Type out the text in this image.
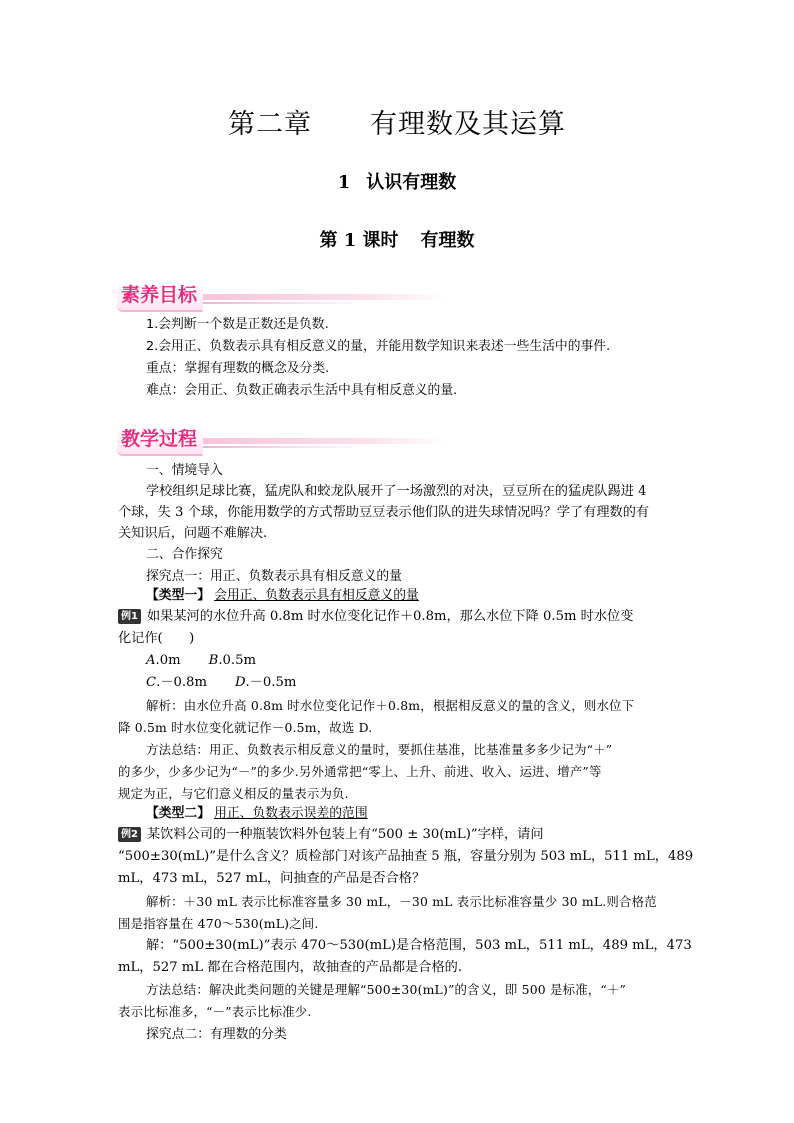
第二章 有理数及其运算
1 认识有理数
第 1 课时 有理数
素养目标
1.会判断一个数是正数还是负数.
2.会用正、负数表示具有相反意义的量，并能用数学知识来表述一些生活中的事件.
重点：掌握有理数的概念及分类.
难点：会用正、负数正确表示生活中具有相反意义的量.
教学过程
一、情境导入
学校组织足球比赛，猛虎队和蛟龙队展开了一场激烈的对决，豆豆所在的猛虎队踢进 4
个球，失 3 个球，你能用数学的方式帮助豆豆表示他们队的进失球情况吗？学了有理数的有
关知识后，问题不难解决.
二、合作探究
探究点一：用正、负数表示具有相反意义的量
【类型一】 会用正、负数表示具有相反意义的量
例1 如果某河的水位升高 0.8m 时水位变化记作＋0.8m，那么水位下降 0.5m 时水位变
化记作(　　)
A.0m B.0.5m
C.－0.8m D.－0.5m
解析：由水位升高 0.8m 时水位变化记作＋0.8m，根据相反意义的量的含义，则水位下
降 0.5m 时水位变化就记作－0.5m，故选 D.
方法总结：用正、负数表示相反意义的量时，要抓住基准，比基准量多多少记为“＋”
的多少，少多少记为“－”的多少.另外通常把“零上、上升、前进、收入、运进、增产”等
规定为正，与它们意义相反的量表示为负.
【类型二】 用正、负数表示误差的范围
例2 某饮料公司的一种瓶装饮料外包装上有“500 ± 30(mL)”字样，请问
“500±30(mL)”是什么含义？质检部门对该产品抽查 5 瓶，容量分别为 503 mL，511 mL，489
mL，473 mL，527 mL，问抽查的产品是否合格？
解析：＋30 mL 表示比标准容量多 30 mL，－30 mL 表示比标准容量少 30 mL.则合格范
围是指容量在 470～530(mL)之间.
解：“500±30(mL)”表示 470～530(mL)是合格范围，503 mL，511 mL，489 mL，473
mL，527 mL 都在合格范围内，故抽查的产品都是合格的.
方法总结：解决此类问题的关键是理解“500±30(mL)”的含义，即 500 是标准，“＋”
表示比标准多，“－”表示比标准少.
探究点二：有理数的分类
